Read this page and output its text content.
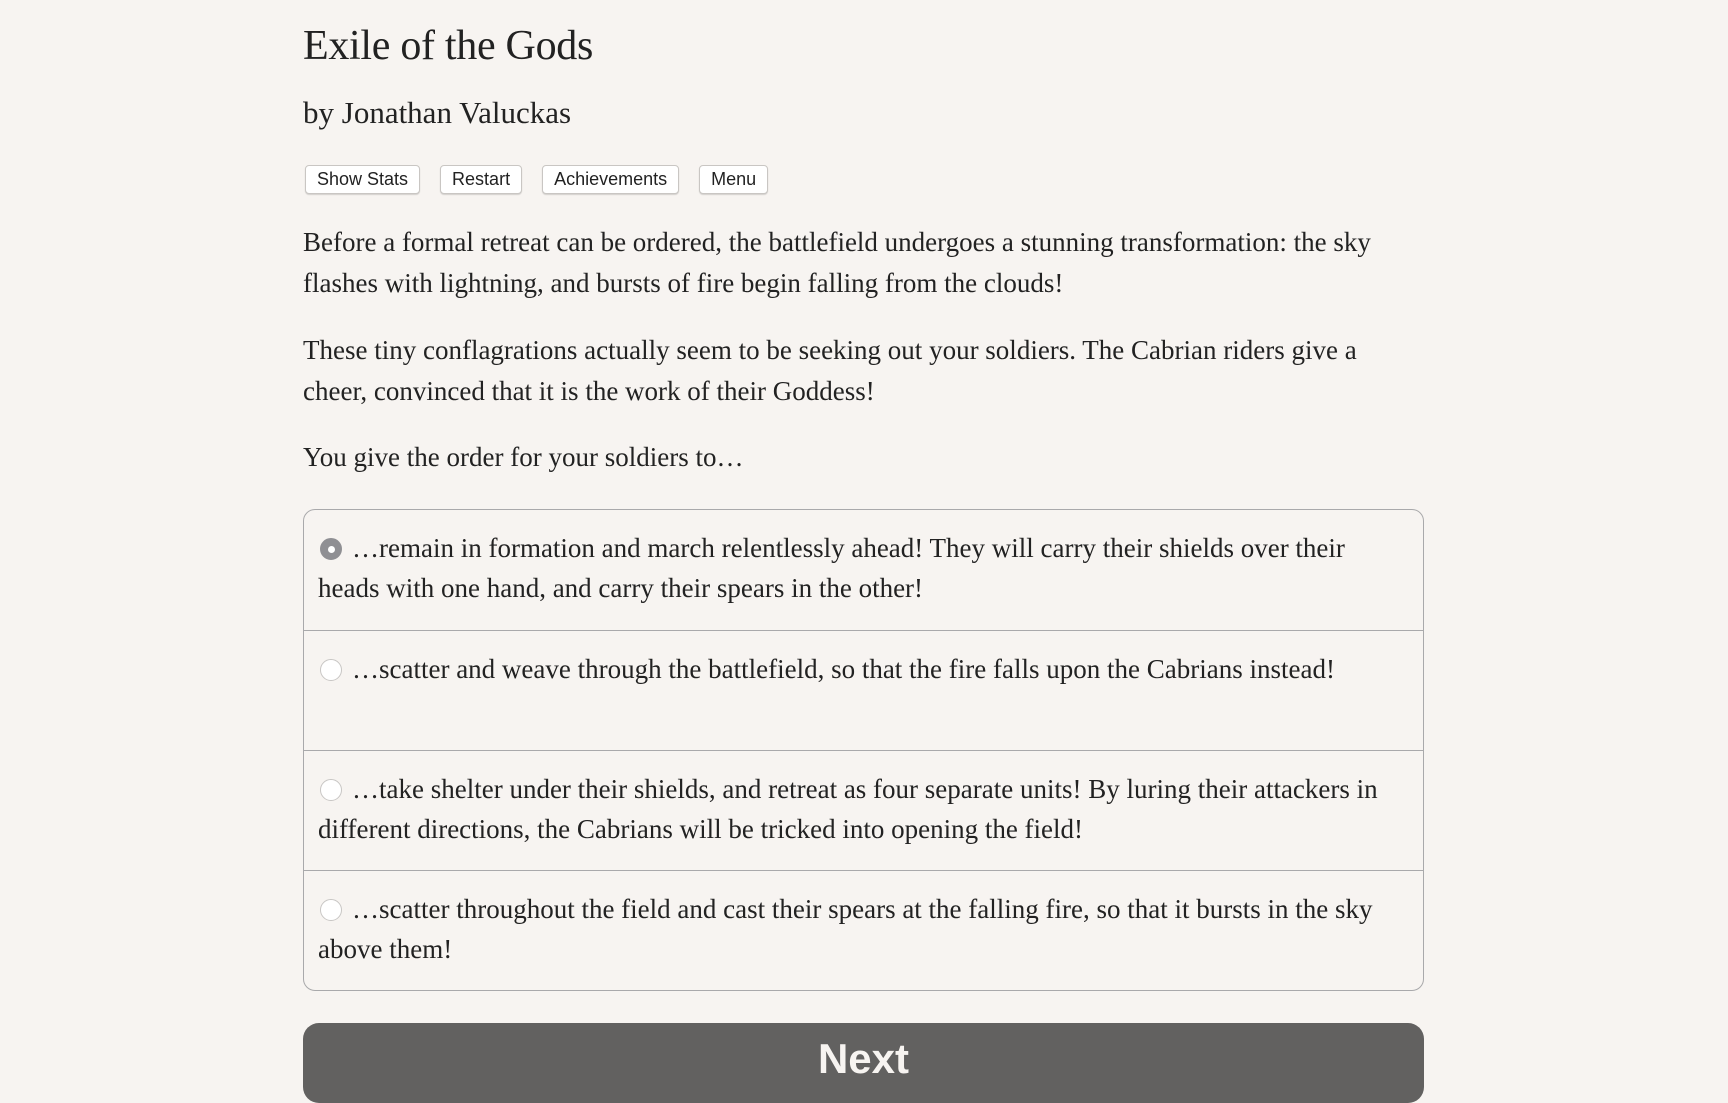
Exile of the Gods
by Jonathan Valuckas
Show Stats	Restart	Achievements	Menu

Before a formal retreat can be ordered, the battlefield undergoes a stunning transformation: the sky flashes with lightning, and bursts of fire begin falling from the clouds!

These tiny conflagrations actually seem to be seeking out your soldiers. The Cabrian riders give a cheer, convinced that it is the work of their Goddess!

You give the order for your soldiers to…

…remain in formation and march relentlessly ahead! They will carry their shields over their heads with one hand, and carry their spears in the other!
…scatter and weave through the battlefield, so that the fire falls upon the Cabrians instead!
…take shelter under their shields, and retreat as four separate units! By luring their attackers in different directions, the Cabrians will be tricked into opening the field!
…scatter throughout the field and cast their spears at the falling fire, so that it bursts in the sky above them!
Next
